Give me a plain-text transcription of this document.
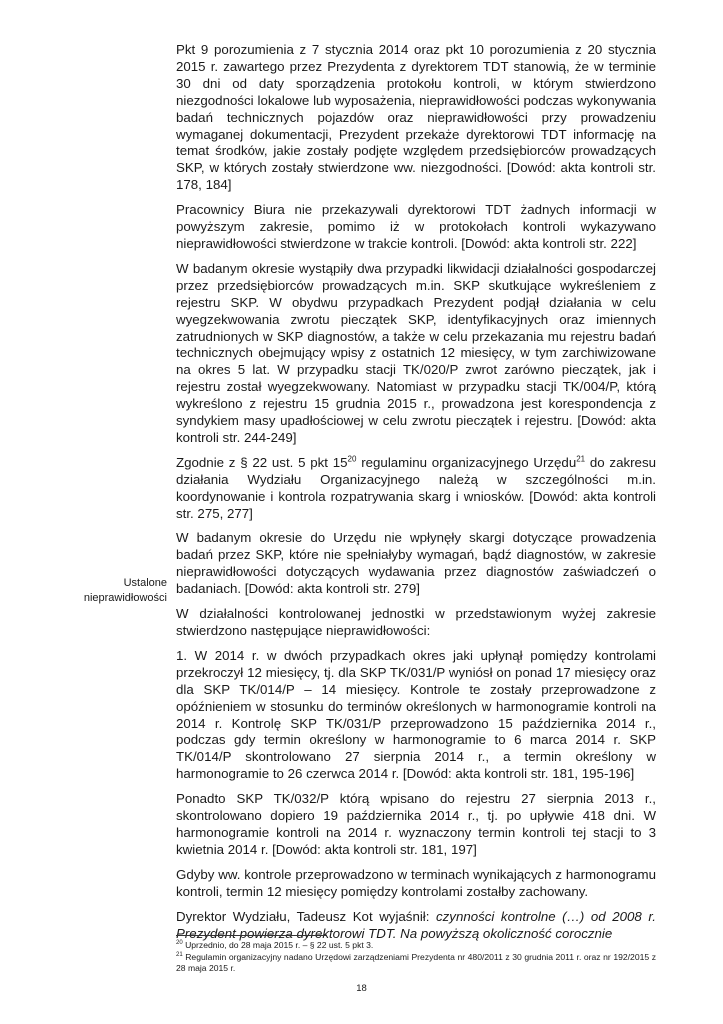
Ustalone nieprawidłowości

Pkt 9 porozumienia z 7 stycznia 2014 oraz pkt 10 porozumienia z 20 stycznia 2015 r. zawartego przez Prezydenta z dyrektorem TDT stanowią, że w terminie 30 dni od daty sporządzenia protokołu kontroli, w którym stwierdzono niezgodności lokalowe lub wyposażenia, nieprawidłowości podczas wykonywania badań technicznych pojazdów oraz nieprawidłowości przy prowadzeniu wymaganej dokumentacji, Prezydent przekaże dyrektorowi TDT informację na temat środków, jakie zostały podjęte względem przedsiębiorców prowadzących SKP, w których zostały stwierdzone ww. niezgodności. [Dowód: akta kontroli str. 178, 184]

Pracownicy Biura nie przekazywali dyrektorowi TDT żadnych informacji w powyższym zakresie, pomimo iż w protokołach kontroli wykazywano nieprawidłowości stwierdzone w trakcie kontroli. [Dowód: akta kontroli str. 222]

W badanym okresie wystąpiły dwa przypadki likwidacji działalności gospodarczej przez przedsiębiorców prowadzących m.in. SKP skutkujące wykreśleniem z rejestru SKP. W obydwu przypadkach Prezydent podjął działania w celu wyegzekwowania zwrotu pieczątek SKP, identyfikacyjnych oraz imiennych zatrudnionych w SKP diagnostów, a także w celu przekazania mu rejestru badań technicznych obejmujący wpisy z ostatnich 12 miesięcy, w tym zarchiwizowane na okres 5 lat. W przypadku stacji TK/020/P zwrot zarówno pieczątek, jak i rejestru został wyegzekwowany. Natomiast w przypadku stacji TK/004/P, którą wykreślono z rejestru 15 grudnia 2015 r., prowadzona jest korespondencja z syndykiem masy upadłościowej w celu zwrotu pieczątek i rejestru. [Dowód: akta kontroli str. 244-249]

Zgodnie z § 22 ust. 5 pkt $15^{20}$ regulaminu organizacyjnego Urzędu$^{21}$ do zakresu działania Wydziału Organizacyjnego należą w szczególności m.in. koordynowanie i kontrola rozpatrywania skarg i wniosków. [Dowód: akta kontroli str. 275, 277]

W badanym okresie do Urzędu nie wpłynęły skargi dotyczące prowadzenia badań przez SKP, które nie spełniałyby wymagań, bądź diagnostów, w zakresie nieprawidłowości dotyczących wydawania przez diagnostów zaświadczeń o badaniach. [Dowód: akta kontroli str. 279]

W działalności kontrolowanej jednostki w przedstawionym wyżej zakresie stwierdzono następujące nieprawidłowości:

1. W 2014 r. w dwóch przypadkach okres jaki upłynął pomiędzy kontrolami przekroczył 12 miesięcy, tj. dla SKP TK/031/P wyniósł on ponad 17 miesięcy oraz dla SKP TK/014/P – 14 miesięcy. Kontrole te zostały przeprowadzone z opóźnieniem w stosunku do terminów określonych w harmonogramie kontroli na 2014 r. Kontrolę SKP TK/031/P przeprowadzono 15 października 2014 r., podczas gdy termin określony w harmonogramie to 6 marca 2014 r. SKP TK/014/P skontrolowano 27 sierpnia 2014 r., a termin określony w harmonogramie to 26 czerwca 2014 r. [Dowód: akta kontroli str. 181, 195-196]

Ponadto SKP TK/032/P którą wpisano do rejestru 27 sierpnia 2013 r., skontrolowano dopiero 19 października 2014 r., tj. po upływie 418 dni. W harmonogramie kontroli na 2014 r. wyznaczony termin kontroli tej stacji to 3 kwietnia 2014 r. [Dowód: akta kontroli str. 181, 197]

Gdyby ww. kontrole przeprowadzono w terminach wynikających z harmonogramu kontroli, termin 12 miesięcy pomiędzy kontrolami zostałby zachowany.

Dyrektor Wydziału, Tadeusz Kot wyjaśnił: czynności kontrolne (…) od 2008 r. Prezydent powierza dyrektorowi TDT. Na powyższą okoliczność corocznie

$^{20}$ Uprzednio, do 28 maja 2015 r. – § 22 ust. 5 pkt 3.

$^{21}$ Regulamin organizacyjny nadano Urzędowi zarządzeniami Prezydenta nr 480/2011 z 30 grudnia 2011 r. oraz nr 192/2015 z 28 maja 2015 r.

18
